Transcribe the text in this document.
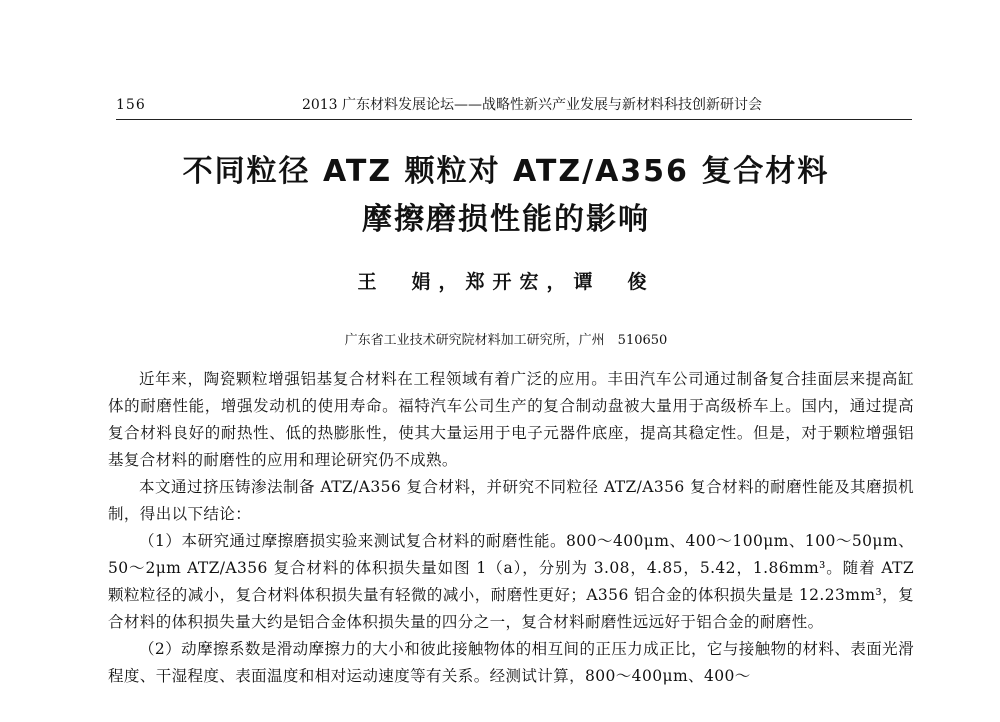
156	2013 广东材料发展论坛——战略性新兴产业发展与新材料科技创新研讨会
不同粒径 ATZ 颗粒对 ATZ/A356 复合材料
摩擦磨损性能的影响
王　娟，郑开宏，谭　俊
广东省工业技术研究院材料加工研究所，广州　510650

近年来，陶瓷颗粒增强铝基复合材料在工程领域有着广泛的应用。丰田汽车公司通过制备复合挂面层来提高缸体的耐磨性能，增强发动机的使用寿命。福特汽车公司生产的复合制动盘被大量用于高级桥车上。国内，通过提高复合材料良好的耐热性、低的热膨胀性，使其大量运用于电子元器件底座，提高其稳定性。但是，对于颗粒增强铝基复合材料的耐磨性的应用和理论研究仍不成熟。

本文通过挤压铸渗法制备 ATZ/A356 复合材料，并研究不同粒径 ATZ/A356 复合材料的耐磨性能及其磨损机制，得出以下结论：

（1）本研究通过摩擦磨损实验来测试复合材料的耐磨性能。800～400μm、400～100μm、100～50μm、50～2μm ATZ/A356 复合材料的体积损失量如图 1（a），分别为 3.08，4.85，5.42，1.86mm³。随着 ATZ 颗粒粒径的减小，复合材料体积损失量有轻微的减小，耐磨性更好；A356 铝合金的体积损失量是 12.23mm³，复合材料的体积损失量大约是铝合金体积损失量的四分之一，复合材料耐磨性远远好于铝合金的耐磨性。

（2）动摩擦系数是滑动摩擦力的大小和彼此接触物体的相互间的正压力成正比，它与接触物的材料、表面光滑程度、干湿程度、表面温度和相对运动速度等有关系。经测试计算，800～400μm、400～
